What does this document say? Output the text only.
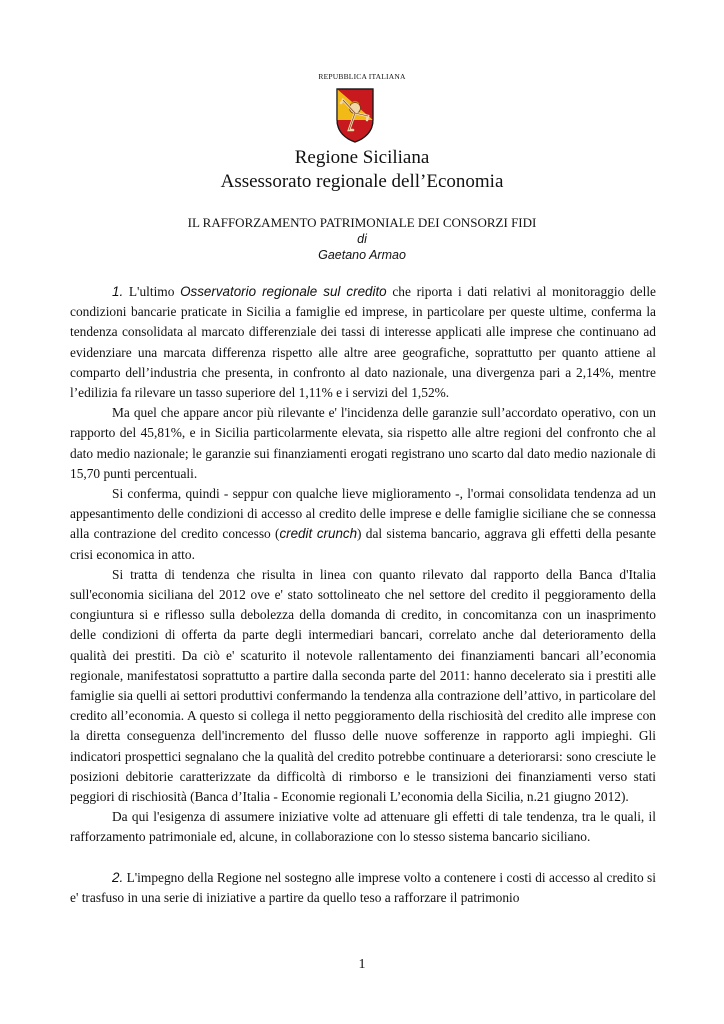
REPUBBLICA ITALIANA
Regione Siciliana
Assessorato regionale dell’Economia
IL RAFFORZAMENTO PATRIMONIALE DEI CONSORZI FIDI
di
Gaetano Armao

1. L'ultimo Osservatorio regionale sul credito che riporta i dati relativi al monitoraggio delle condizioni bancarie praticate in Sicilia a famiglie ed imprese, in particolare per queste ultime, conferma la tendenza consolidata al marcato differenziale dei tassi di interesse applicati alle imprese che continuano ad evidenziare una marcata differenza rispetto alle altre aree geografiche, soprattutto per quanto attiene al comparto dell’industria che presenta, in confronto al dato nazionale, una divergenza pari a 2,14%, mentre l’edilizia fa rilevare un tasso superiore del 1,11% e i servizi del 1,52%.

Ma quel che appare ancor più rilevante e' l'incidenza delle garanzie sull’accordato operativo, con un rapporto del 45,81%, e in Sicilia particolarmente elevata, sia rispetto alle altre regioni del confronto che al dato medio nazionale; le garanzie sui finanziamenti erogati registrano uno scarto dal dato medio nazionale di 15,70 punti percentuali.

Si conferma, quindi - seppur con qualche lieve miglioramento -, l'ormai consolidata tendenza ad un appesantimento delle condizioni di accesso al credito delle imprese e delle famiglie siciliane che se connessa alla contrazione del credito concesso (credit crunch) dal sistema bancario, aggrava gli effetti della pesante crisi economica in atto.

Si tratta di tendenza che risulta in linea con quanto rilevato dal rapporto della Banca d'Italia sull'economia siciliana del 2012 ove e' stato sottolineato che nel settore del credito il peggioramento della congiuntura si e riflesso sulla debolezza della domanda di credito, in concomitanza con un inasprimento delle condizioni di offerta da parte degli intermediari bancari, correlato anche dal deterioramento della qualità dei prestiti. Da ciò e' scaturito il notevole rallentamento dei finanziamenti bancari all’economia regionale, manifestatosi soprattutto a partire dalla seconda parte del 2011: hanno decelerato sia i prestiti alle famiglie sia quelli ai settori produttivi confermando la tendenza alla contrazione dell’attivo, in particolare del credito all’economia. A questo si collega il netto peggioramento della rischiosità del credito alle imprese con la diretta conseguenza dell'incremento del flusso delle nuove sofferenze in rapporto agli impieghi. Gli indicatori prospettici segnalano che la qualità del credito potrebbe continuare a deteriorarsi: sono cresciute le posizioni debitorie caratterizzate da difficoltà di rimborso e le transizioni dei finanziamenti verso stati peggiori di rischiosità (Banca d’Italia - Economie regionali L’economia della Sicilia, n.21 giugno 2012).

Da qui l'esigenza di assumere iniziative volte ad attenuare gli effetti di tale tendenza, tra le quali, il rafforzamento patrimoniale ed, alcune, in collaborazione con lo stesso sistema bancario siciliano.

2. L'impegno della Regione nel sostegno alle imprese volto a contenere i costi di accesso al credito si e' trasfuso in una serie di iniziative a partire da quello teso a rafforzare il patrimonio

1
